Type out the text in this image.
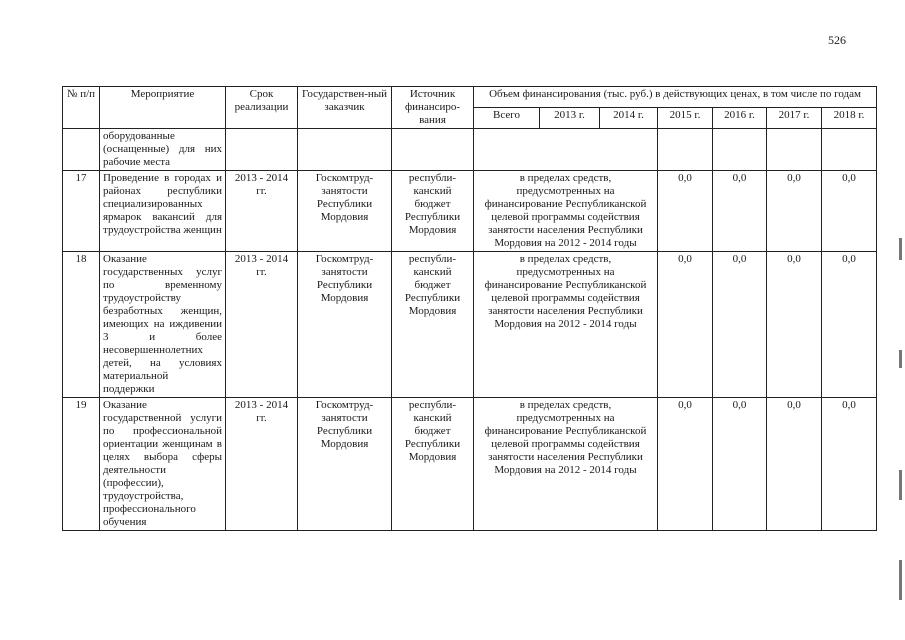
526
№ п/п	Мероприятие	Срок реализации	Государствен-ный заказчик	Источник финансиро-вания	Объем финансирования (тыс. руб.) в действующих ценах, в том числе по годам						
					Всего	2013 г.	2014 г.	2015 г.	2016 г.	2017 г.	2018 г.
	оборудованные (оснащенные) для них рабочие места										
17	Проведение в городах и районах республики специализированных ярмарок вакансий для трудоустройства женщин	2013 - 2014 гг.	Госкомтруд-занятости Республики Мордовия	республи-канский бюджет Республики Мордовия	в пределах средств, предусмотренных на финансирование Республиканской целевой программы содействия занятости населения Республики Мордовия на 2012 - 2014 годы			0,0	0,0	0,0	0,0
18	Оказание государственных услуг по временному трудоустройству безработных женщин, имеющих на иждивении 3 и более несовершеннолетних детей, на условиях материальной поддержки	2013 - 2014 гг.	Госкомтруд-занятости Республики Мордовия	республи-канский бюджет Республики Мордовия	в пределах средств, предусмотренных на финансирование Республиканской целевой программы содействия занятости населения Республики Мордовия на 2012 - 2014 годы			0,0	0,0	0,0	0,0
19	Оказание государственной услуги по профессиональной ориентации женщинам в целях выбора сферы деятельности (профессии), трудоустройства, профессионального обучения	2013 - 2014 гг.	Госкомтруд-занятости Республики Мордовия	республи-канский бюджет Республики Мордовия	в пределах средств, предусмотренных на финансирование Республиканской целевой программы содействия занятости населения Республики Мордовия на 2012 - 2014 годы			0,0	0,0	0,0	0,0
